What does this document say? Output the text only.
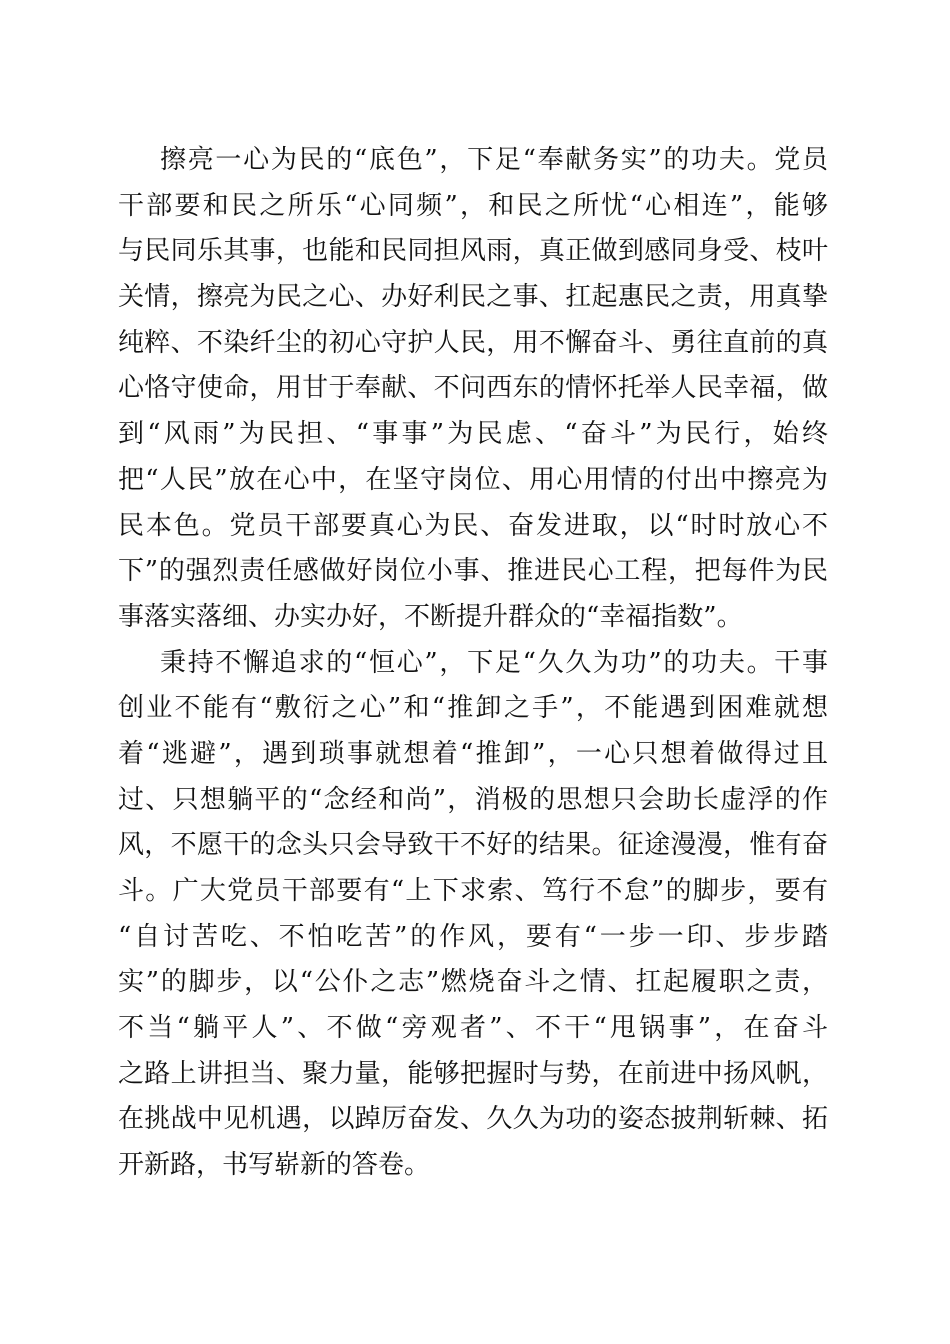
擦亮一心为民的“底色”，下足“奉献务实”的功夫。党员
干部要和民之所乐“心同频”，和民之所忧“心相连”，能够
与民同乐其事，也能和民同担风雨，真正做到感同身受、枝叶
关情，擦亮为民之心、办好利民之事、扛起惠民之责，用真挚
纯粹、不染纤尘的初心守护人民，用不懈奋斗、勇往直前的真
心恪守使命，用甘于奉献、不问西东的情怀托举人民幸福，做
到“风雨”为民担、“事事”为民虑、“奋斗”为民行，始终
把“人民”放在心中，在坚守岗位、用心用情的付出中擦亮为
民本色。党员干部要真心为民、奋发进取，以“时时放心不
下”的强烈责任感做好岗位小事、推进民心工程，把每件为民
事落实落细、办实办好，不断提升群众的“幸福指数”。
秉持不懈追求的“恒心”，下足“久久为功”的功夫。干事
创业不能有“敷衍之心”和“推卸之手”，不能遇到困难就想
着“逃避”，遇到琐事就想着“推卸”，一心只想着做得过且
过、只想躺平的“念经和尚”，消极的思想只会助长虚浮的作
风，不愿干的念头只会导致干不好的结果。征途漫漫，惟有奋
斗。广大党员干部要有“上下求索、笃行不怠”的脚步，要有
“自讨苦吃、不怕吃苦”的作风，要有“一步一印、步步踏
实”的脚步，以“公仆之志”燃烧奋斗之情、扛起履职之责，
不当“躺平人”、不做“旁观者”、不干“甩锅事”，在奋斗
之路上讲担当、聚力量，能够把握时与势，在前进中扬风帆，
在挑战中见机遇，以踔厉奋发、久久为功的姿态披荆斩棘、拓
开新路，书写崭新的答卷。
